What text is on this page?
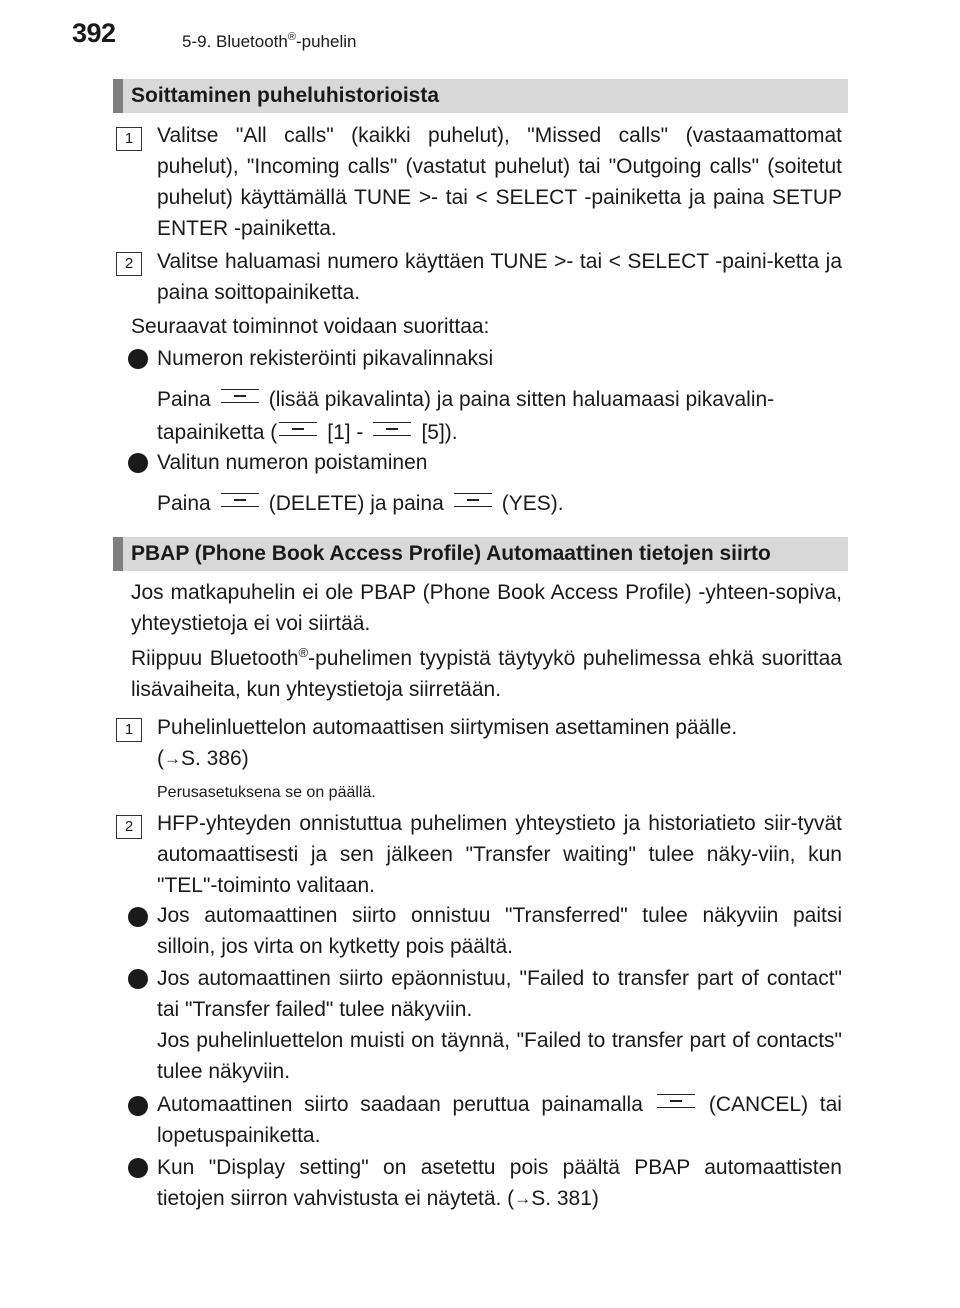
392	5-9. Bluetooth®-puhelin
Soittaminen puheluhistorioista
1	Valitse "All calls" (kaikki puhelut), "Missed calls" (vastaamattomat puhelut), "Incoming calls" (vastatut puhelut) tai "Outgoing calls" (soitetut puhelut) käyttämällä TUNE >- tai < SELECT -painiketta ja paina SETUP ENTER -painiketta.

2	Valitse haluamasi numero käyttäen TUNE >- tai < SELECT -paini-ketta ja paina soittopainiketta.

Seuraavat toiminnot voidaan suorittaa:

Numeron rekisteröinti pikavalinnaksi

Paina	(lisää pikavalinta) ja paina sitten haluamaasi pikavalin-

tapainiketta ( [1] -	[5]).

Valitun numeron poistaminen

Paina	(DELETE) ja paina	(YES).

PBAP (Phone Book Access Profile) Automaattinen tietojen siirto

Jos matkapuhelin ei ole PBAP (Phone Book Access Profile) -yhteen-sopiva, yhteystietoja ei voi siirtää.

Riippuu Bluetooth®-puhelimen tyypistä täytyykö puhelimessa ehkä suorittaa lisävaiheita, kun yhteystietoja siirretään.

1	Puhelinluettelon automaattisen siirtymisen asettaminen päälle.
(→S. 386)

Perusasetuksena se on päällä.
2	HFP-yhteyden onnistuttua puhelimen yhteystieto ja historiatieto siir-tyvät automaattisesti ja sen jälkeen "Transfer waiting" tulee näky-viin, kun "TEL"-toiminto valitaan.

Jos automaattinen siirto onnistuu "Transferred" tulee näkyviin paitsi silloin, jos virta on kytketty pois päältä.

Jos automaattinen siirto epäonnistuu, "Failed to transfer part of contact" tai "Transfer failed" tulee näkyviin.

Jos puhelinluettelon muisti on täynnä, "Failed to transfer part of contacts" tulee näkyviin.

Automaattinen siirto saadaan peruttua painamalla	(CANCEL) tai lopetuspainiketta.

Kun "Display setting" on asetettu pois päältä PBAP automaattisten tietojen siirron vahvistusta ei näytetä. (→S. 381)
